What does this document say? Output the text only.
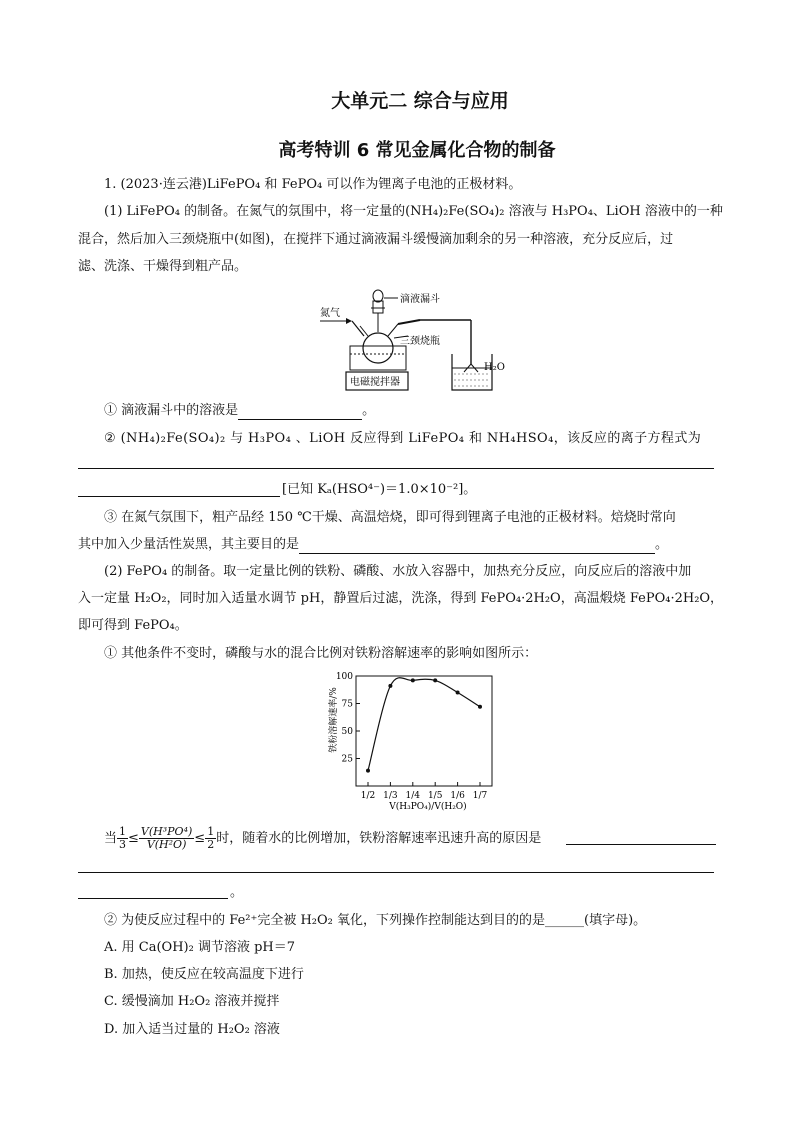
大单元二 综合与应用
高考特训 6 常见金属化合物的制备
1. (2023·连云港)LiFePO₄ 和 FePO₄ 可以作为锂离子电池的正极材料。
(1) LiFePO₄ 的制备。在氮气的氛围中，将一定量的(NH₄)₂Fe(SO₄)₂ 溶液与 H₃PO₄、LiOH 溶液中的一种
混合，然后加入三颈烧瓶中(如图)，在搅拌下通过滴液漏斗缓慢滴加剩余的另一种溶液，充分反应后，过
滤、洗涤、干燥得到粗产品。
氮气
滴液漏斗
三颈烧瓶
电磁搅拌器
H₂O
① 滴液漏斗中的溶液是	。
② (NH₄)₂Fe(SO₄)₂ 与 H₃PO₄ 、LiOH 反应得到 LiFePO₄ 和 NH₄HSO₄，该反应的离子方程式为
[已知 Kₐ(HSO⁴⁻)＝1.0×10⁻²]。
③ 在氮气氛围下，粗产品经 150 ℃干燥、高温焙烧，即可得到锂离子电池的正极材料。焙烧时常向
其中加入少量活性炭黑，其主要目的是	。
(2) FePO₄ 的制备。取一定量比例的铁粉、磷酸、水放入容器中，加热充分反应，向反应后的溶液中加
入一定量 H₂O₂，同时加入适量水调节 pH，静置后过滤，洗涤，得到 FePO₄·2H₂O，高温煅烧 FePO₄·2H₂O，
即可得到 FePO₄。
① 其他条件不变时，磷酸与水的混合比例对铁粉溶解速率的影响如图所示：
铁粉溶解速率/%
25
50
75
100
1/2 1/3 1/4 1/5 1/6 1/7
V(H₃PO₄)/V(H₂O)
当 $\frac{1}{3} \le \frac{\text{V(H³PO⁴)}}{\text{V(H²O)}} \le \frac{1}{2}$ 时，随着水的比例增加，铁粉溶解速率迅速升高的原因是
。
② 为使反应过程中的 Fe²⁺完全被 H₂O₂ 氧化，下列操作控制能达到目的的是______(填字母)。
A. 用 Ca(OH)₂ 调节溶液 pH＝7
B. 加热，使反应在较高温度下进行
C. 缓慢滴加 H₂O₂ 溶液并搅拌
D. 加入适当过量的 H₂O₂ 溶液
